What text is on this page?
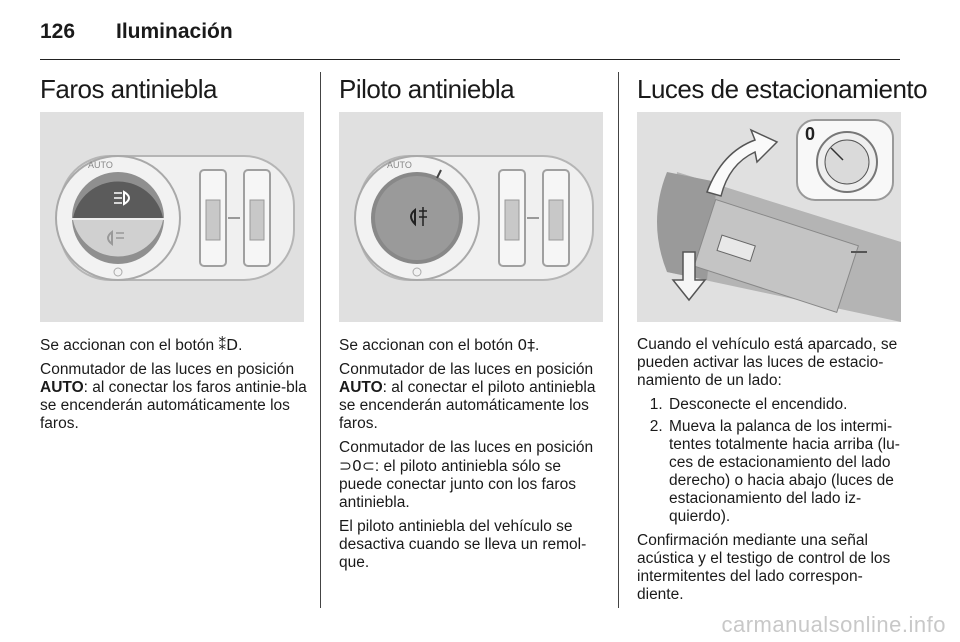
126 Iluminación
Faros antiniebla
AUTO

Se accionan con el botón ⁑D.

Conmutador de las luces en posición AUTO: al conectar los faros antinie-bla se encenderán automáticamente los faros.

Piloto antiniebla
AUTO

Se accionan con el botón 0‡.

Conmutador de las luces en posición AUTO: al conectar el piloto antiniebla se encenderán automáticamente los faros.

Conmutador de las luces en posición ⊃0⊂: el piloto antiniebla sólo se puede conectar junto con los faros antiniebla.

El piloto antiniebla del vehículo se desactiva cuando se lleva un remol-que.

Luces de estacionamiento
0

Cuando el vehículo está aparcado, se pueden activar las luces de estacio-namiento de un lado:

1. Desconecte el encendido.
2. Mueva la palanca de los intermi-tentes totalmente hacia arriba (lu-ces de estacionamiento del lado derecho) o hacia abajo (luces de estacionamiento del lado iz-quierdo).

Confirmación mediante una señal acústica y el testigo de control de los intermitentes del lado correspon-diente.

carmanualsonline.info
